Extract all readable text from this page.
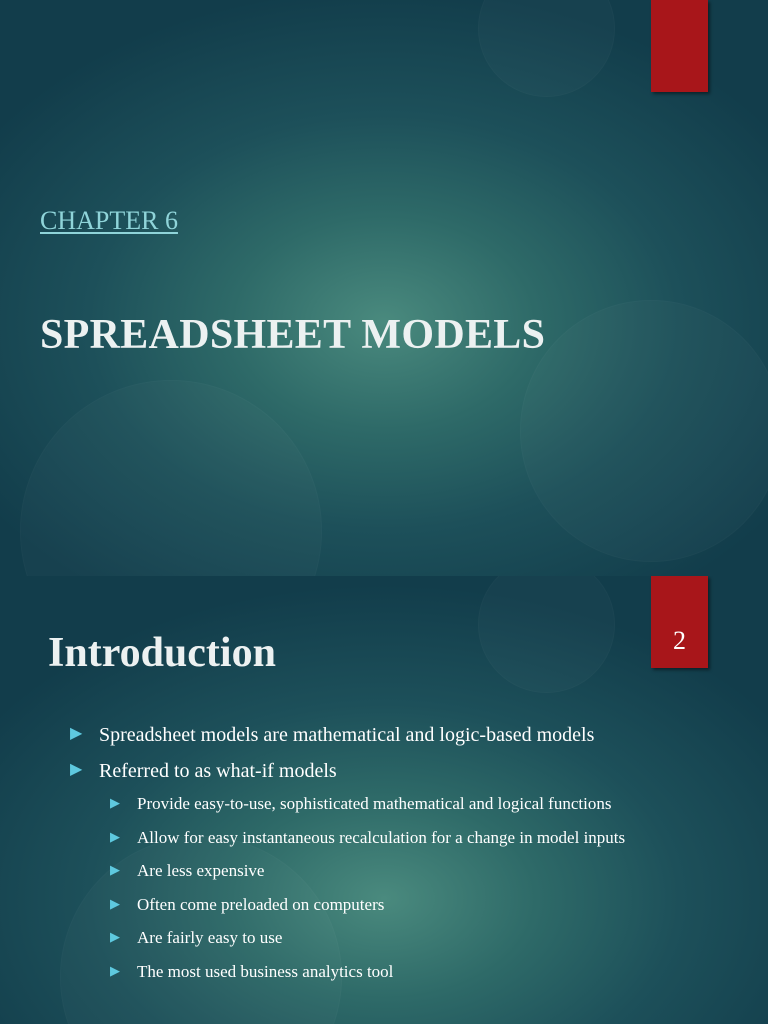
CHAPTER 6
SPREADSHEET MODELS
2
Introduction
▶ Spreadsheet models are mathematical and logic-based models
▶ Referred to as what-if models
▶ Provide easy-to-use, sophisticated mathematical and logical functions
▶ Allow for easy instantaneous recalculation for a change in model inputs
▶ Are less expensive
▶ Often come preloaded on computers
▶ Are fairly easy to use
▶ The most used business analytics tool
